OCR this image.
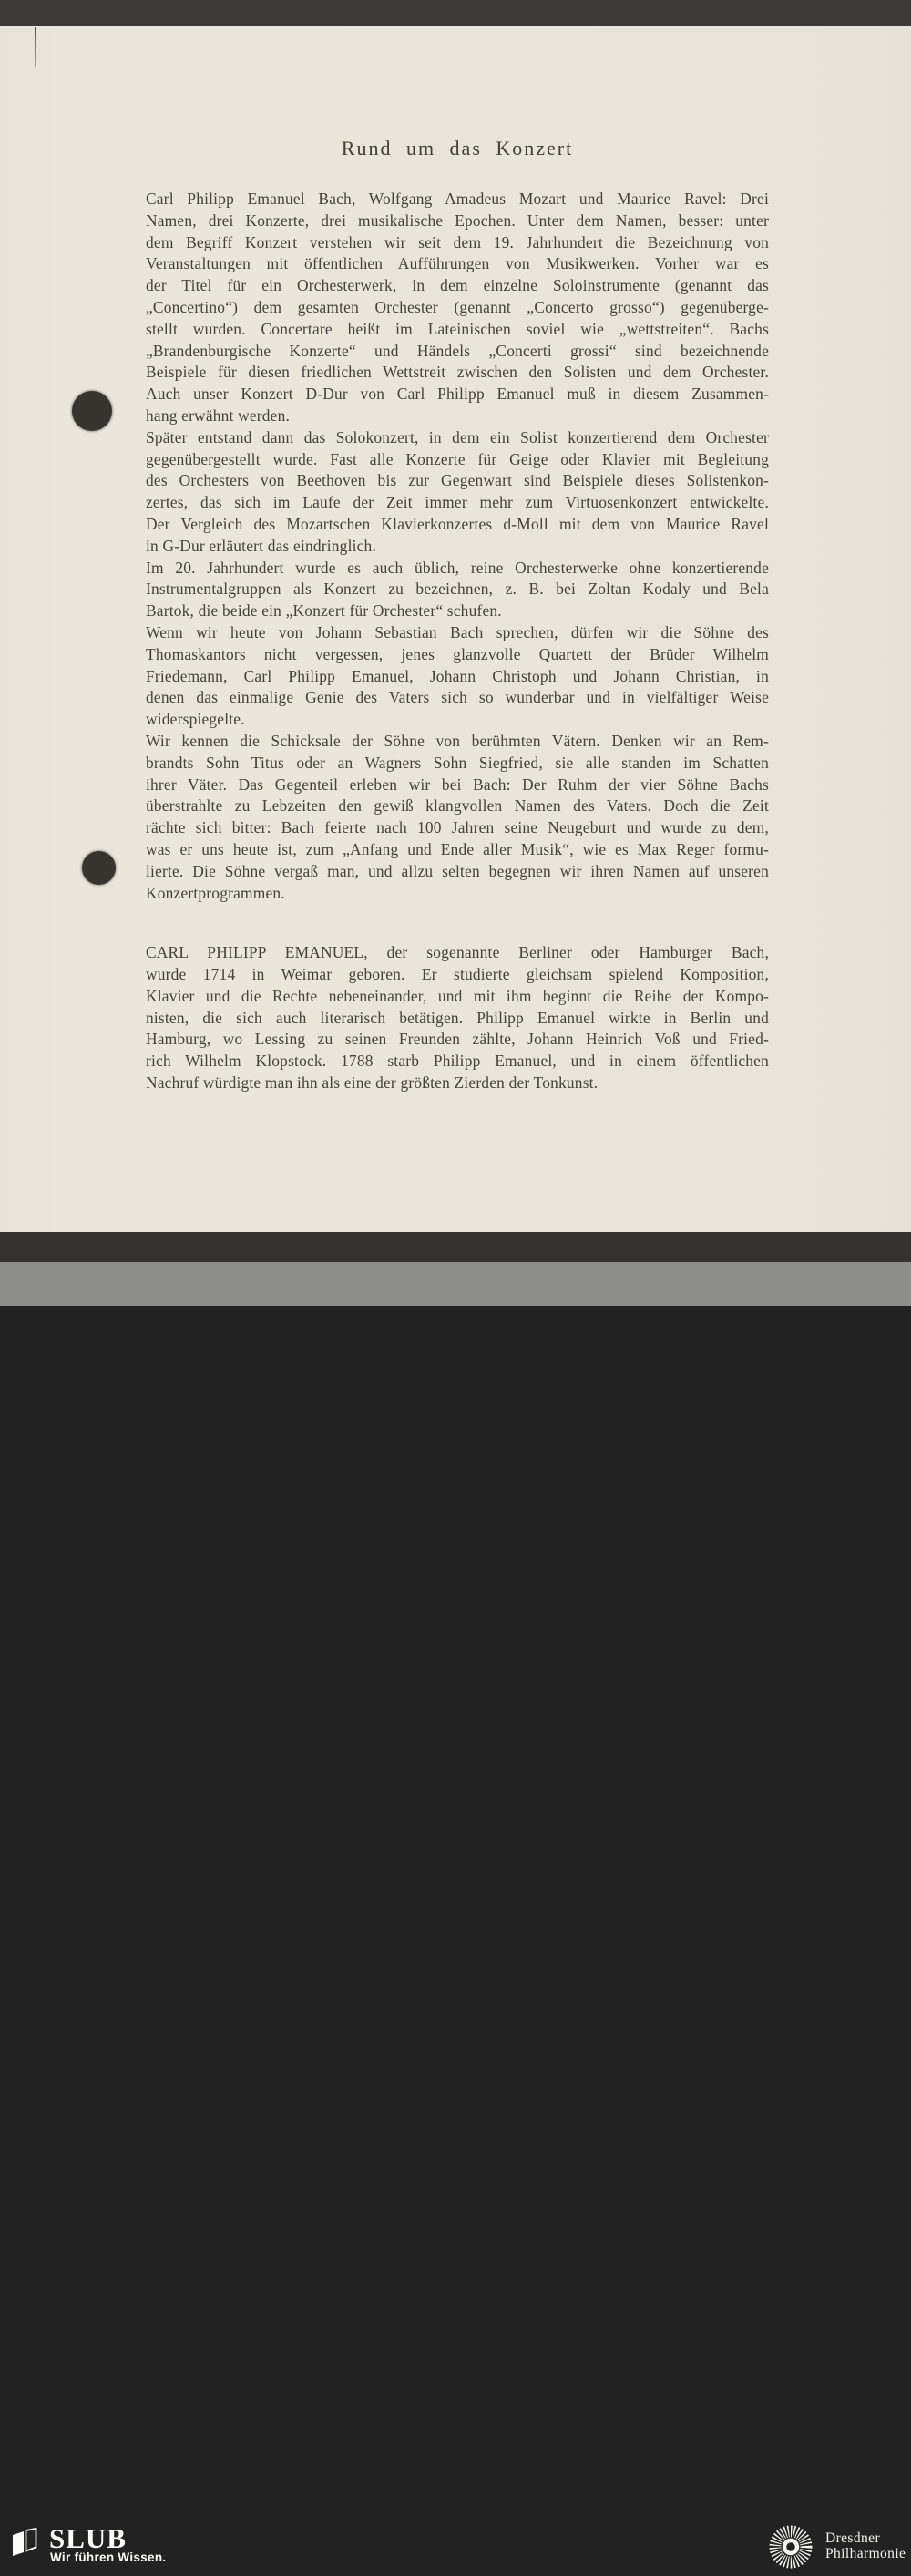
Rund um das Konzert
Carl Philipp Emanuel Bach, Wolfgang Amadeus Mozart und Maurice Ravel: Drei
Namen, drei Konzerte, drei musikalische Epochen. Unter dem Namen, besser: unter
dem Begriff Konzert verstehen wir seit dem 19. Jahrhundert die Bezeichnung von
Veranstaltungen mit öffentlichen Aufführungen von Musikwerken. Vorher war es
der Titel für ein Orchesterwerk, in dem einzelne Soloinstrumente (genannt das
„Concertino“) dem gesamten Orchester (genannt „Concerto grosso“) gegenüberge-
stellt wurden. Concertare heißt im Lateinischen soviel wie „wettstreiten“. Bachs
„Brandenburgische Konzerte“ und Händels „Concerti grossi“ sind bezeichnende
Beispiele für diesen friedlichen Wettstreit zwischen den Solisten und dem Orchester.
Auch unser Konzert D-Dur von Carl Philipp Emanuel muß in diesem Zusammen-
hang erwähnt werden.
Später entstand dann das Solokonzert, in dem ein Solist konzertierend dem Orchester
gegenübergestellt wurde. Fast alle Konzerte für Geige oder Klavier mit Begleitung
des Orchesters von Beethoven bis zur Gegenwart sind Beispiele dieses Solistenkon-
zertes, das sich im Laufe der Zeit immer mehr zum Virtuosenkonzert entwickelte.
Der Vergleich des Mozartschen Klavierkonzertes d-Moll mit dem von Maurice Ravel
in G-Dur erläutert das eindringlich.
Im 20. Jahrhundert wurde es auch üblich, reine Orchesterwerke ohne konzertierende
Instrumentalgruppen als Konzert zu bezeichnen, z. B. bei Zoltan Kodaly und Bela
Bartok, die beide ein „Konzert für Orchester“ schufen.
Wenn wir heute von Johann Sebastian Bach sprechen, dürfen wir die Söhne des
Thomaskantors nicht vergessen, jenes glanzvolle Quartett der Brüder Wilhelm
Friedemann, Carl Philipp Emanuel, Johann Christoph und Johann Christian, in
denen das einmalige Genie des Vaters sich so wunderbar und in vielfältiger Weise
widerspiegelte.
Wir kennen die Schicksale der Söhne von berühmten Vätern. Denken wir an Rem-
brandts Sohn Titus oder an Wagners Sohn Siegfried, sie alle standen im Schatten
ihrer Väter. Das Gegenteil erleben wir bei Bach: Der Ruhm der vier Söhne Bachs
überstrahlte zu Lebzeiten den gewiß klangvollen Namen des Vaters. Doch die Zeit
rächte sich bitter: Bach feierte nach 100 Jahren seine Neugeburt und wurde zu dem,
was er uns heute ist, zum „Anfang und Ende aller Musik“, wie es Max Reger formu-
lierte. Die Söhne vergaß man, und allzu selten begegnen wir ihren Namen auf unseren
Konzertprogrammen.
CARL PHILIPP EMANUEL, der sogenannte Berliner oder Hamburger Bach,
wurde 1714 in Weimar geboren. Er studierte gleichsam spielend Komposition,
Klavier und die Rechte nebeneinander, und mit ihm beginnt die Reihe der Kompo-
nisten, die sich auch literarisch betätigen. Philipp Emanuel wirkte in Berlin und
Hamburg, wo Lessing zu seinen Freunden zählte, Johann Heinrich Voß und Fried-
rich Wilhelm Klopstock. 1788 starb Philipp Emanuel, und in einem öffentlichen
Nachruf würdigte man ihn als eine der größten Zierden der Tonkunst.
SLUB
Wir führen Wissen.
Dresdner
Philharmonie
